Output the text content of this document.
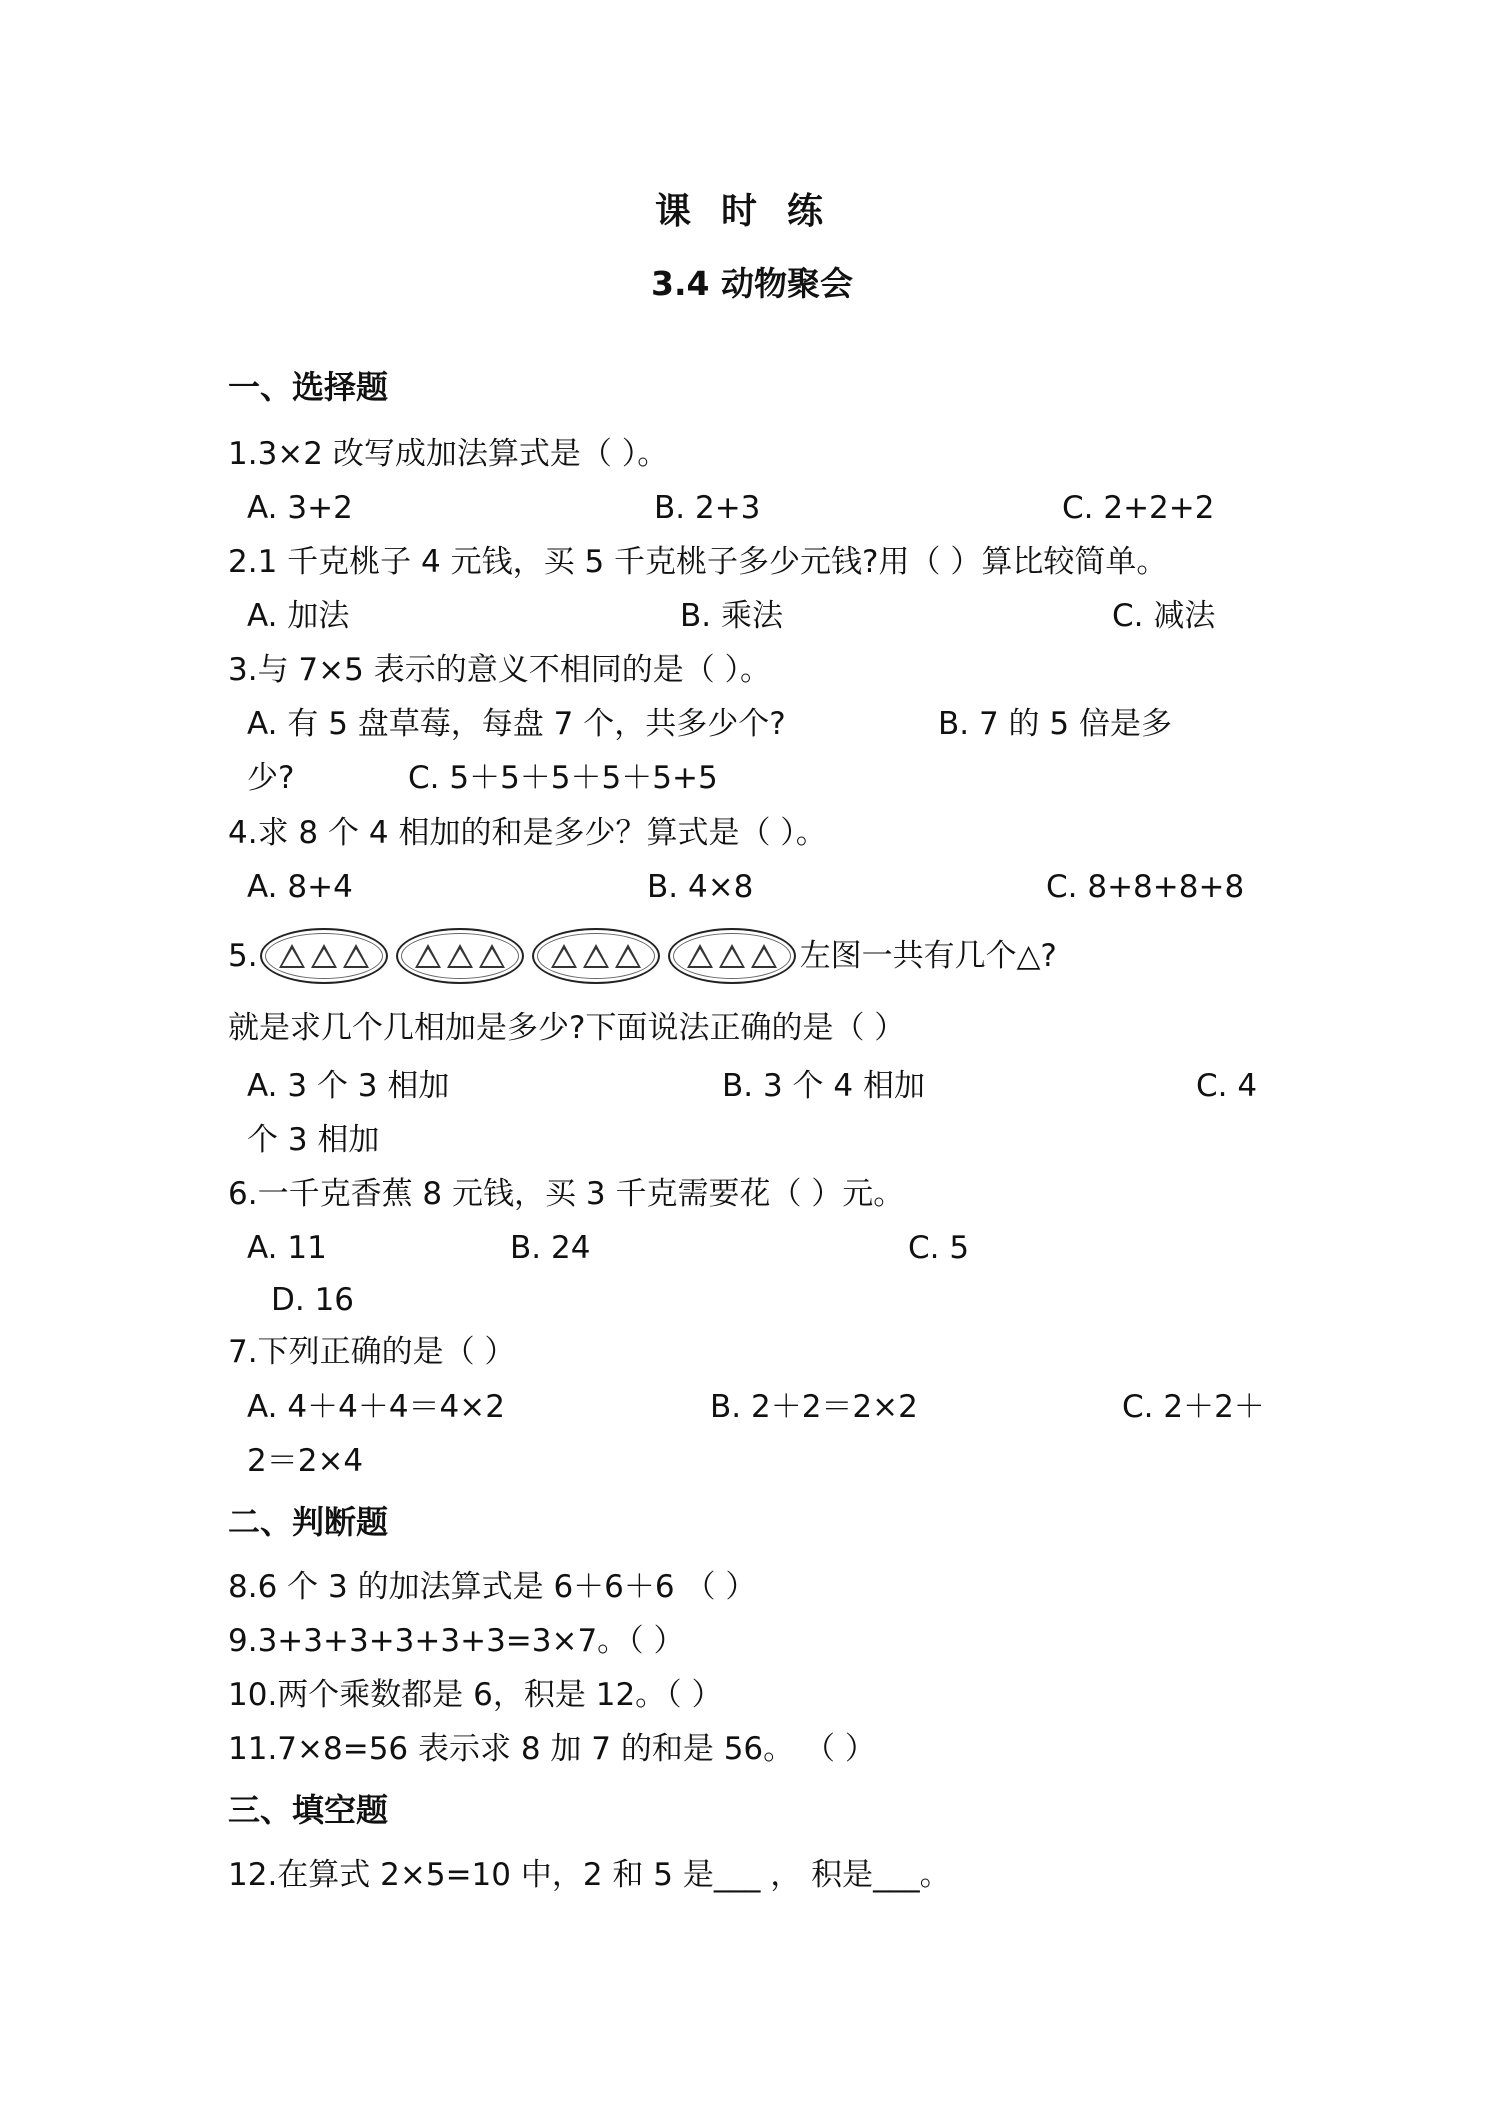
课时练
3.4 动物聚会
一、选择题
1.3×2 改写成加法算式是（ ）。
A. 3+2	B. 2+3	C. 2+2+2
2.1 千克桃子 4 元钱，买 5 千克桃子多少元钱?用（ ）算比较简单。
A. 加法	B. 乘法	C. 减法
3.与 7×5 表示的意义不相同的是（ ）。
A. 有 5 盘草莓，每盘 7 个，共多少个?	B. 7 的 5 倍是多
少?	C. 5＋5＋5＋5＋5+5
4.求 8 个 4 相加的和是多少？算式是（ ）。
A. 8+4	B. 4×8	C. 8+8+8+8
5.	左图一共有几个△?
就是求几个几相加是多少?下面说法正确的是（ ）
A. 3 个 3 相加	B. 3 个 4 相加	C. 4
个 3 相加
6.一千克香蕉 8 元钱，买 3 千克需要花（ ）元。
A. 11	B. 24	C. 5
D. 16
7.下列正确的是（ ）
A. 4＋4＋4＝4×2	B. 2＋2＝2×2	C. 2＋2＋
2＝2×4
二、判断题
8.6 个 3 的加法算式是 6＋6＋6 （ ）
9.3+3+3+3+3+3=3×7。（ ）
10.两个乘数都是 6，积是 12。（ ）
11.7×8=56 表示求 8 加 7 的和是 56。 （ ）
三、填空题
12.在算式 2×5=10 中，2 和 5 是___ ， 积是___。
